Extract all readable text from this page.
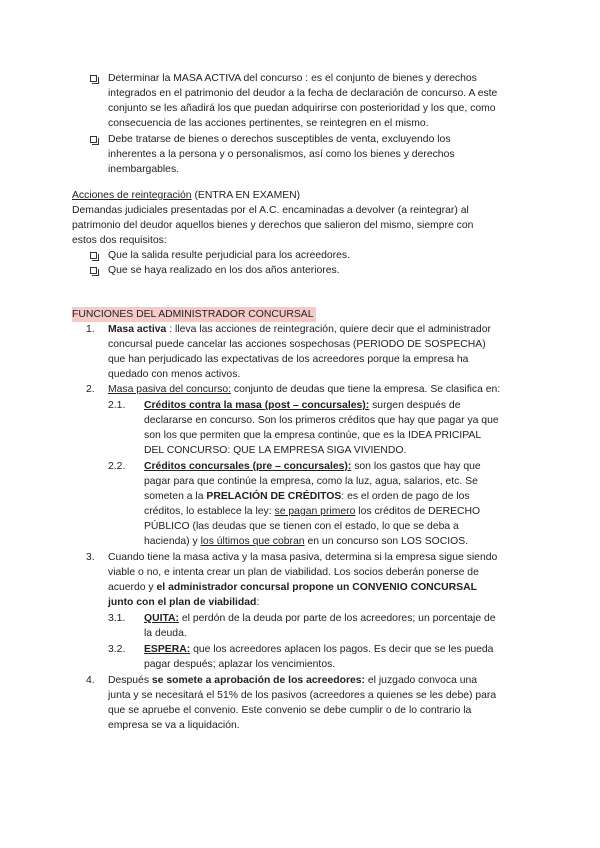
Determinar la MASA ACTIVA del concurso : es el conjunto de bienes y derechos
integrados en el patrimonio del deudor a la fecha de declaración de concurso. A este
conjunto se les añadirá los que puedan adquirirse con posterioridad y los que, como
consecuencia de las acciones pertinentes, se reintegren en el mismo.
Debe tratarse de bienes o derechos susceptibles de venta, excluyendo los
inherentes a la persona y o personalismos, así como los bienes y derechos
inembargables.
Acciones de reintegración (ENTRA EN EXAMEN)
Demandas judiciales presentadas por el A.C. encaminadas a devolver (a reintegrar) al
patrimonio del deudor aquellos bienes y derechos que salieron del mismo, siempre con
estos dos requisitos:
Que la salida resulte perjudicial para los acreedores.
Que se haya realizado en los dos años anteriores.
FUNCIONES DEL ADMINISTRADOR CONCURSAL
1. Masa activa : lleva las acciones de reintegración, quiere decir que el administrador
concursal puede cancelar las acciones sospechosas (PERIODO DE SOSPECHA)
que han perjudicado las expectativas de los acreedores porque la empresa ha
quedado con menos activos.
2. Masa pasiva del concurso: conjunto de deudas que tiene la empresa. Se clasifica en:
2.1. Créditos contra la masa (post – concursales): surgen después de
declararse en concurso. Son los primeros créditos que hay que pagar ya que
son los que permiten que la empresa continúe, que es la IDEA PRICIPAL
DEL CONCURSO: QUE LA EMPRESA SIGA VIVIENDO.
2.2. Créditos concursales (pre – concursales): son los gastos que hay que
pagar para que continúe la empresa, como la luz, agua, salarios, etc. Se
someten a la PRELACIÓN DE CRÉDITOS: es el orden de pago de los
créditos, lo establece la ley: se pagan primero los créditos de DERECHO
PÚBLICO (las deudas que se tienen con el estado, lo que se deba a
hacienda) y los últimos que cobran en un concurso son LOS SOCIOS.
3. Cuando tiene la masa activa y la masa pasiva, determina si la empresa sigue siendo
viable o no, e intenta crear un plan de viabilidad. Los socios deberán ponerse de
acuerdo y el administrador concursal propone un CONVENIO CONCURSAL
junto con el plan de viabilidad:
3.1. QUITA: el perdón de la deuda por parte de los acreedores; un porcentaje de
la deuda.
3.2. ESPERA: que los acreedores aplacen los pagos. Es decir que se les pueda
pagar después; aplazar los vencimientos.
4. Después se somete a aprobación de los acreedores: el juzgado convoca una
junta y se necesitará el 51% de los pasivos (acreedores a quienes se les debe) para
que se apruebe el convenio. Este convenio se debe cumplir o de lo contrario la
empresa se va a liquidación.
